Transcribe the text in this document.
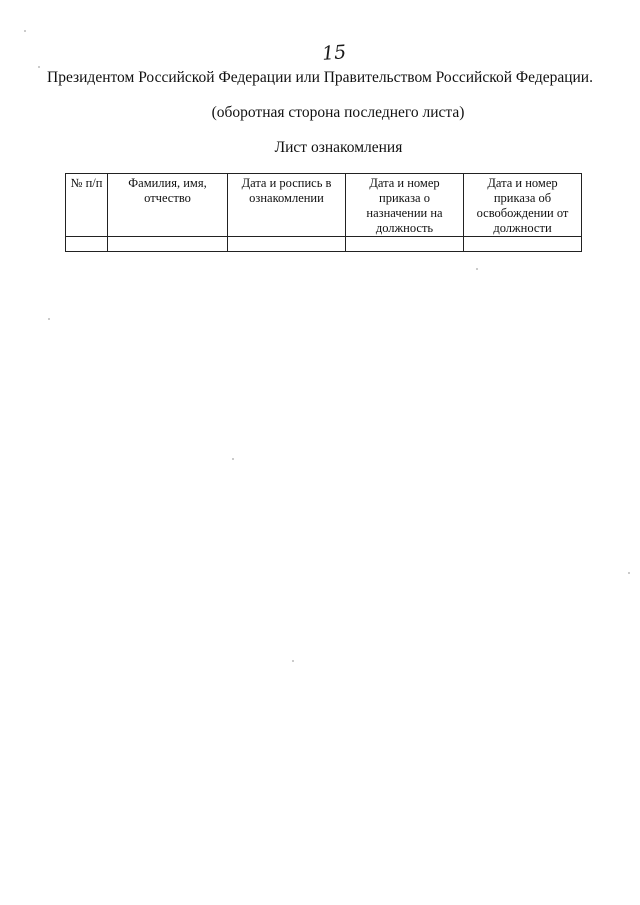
15
Президентом Российской Федерации или Правительством Российской Федерации.
(оборотная сторона последнего листа)
Лист ознакомления
№ п/п	Фамилия, имя, отчество	Дата и роспись в ознакомлении	Дата и номер приказа о назначении на должность	Дата и номер приказа об освобождении от должности
